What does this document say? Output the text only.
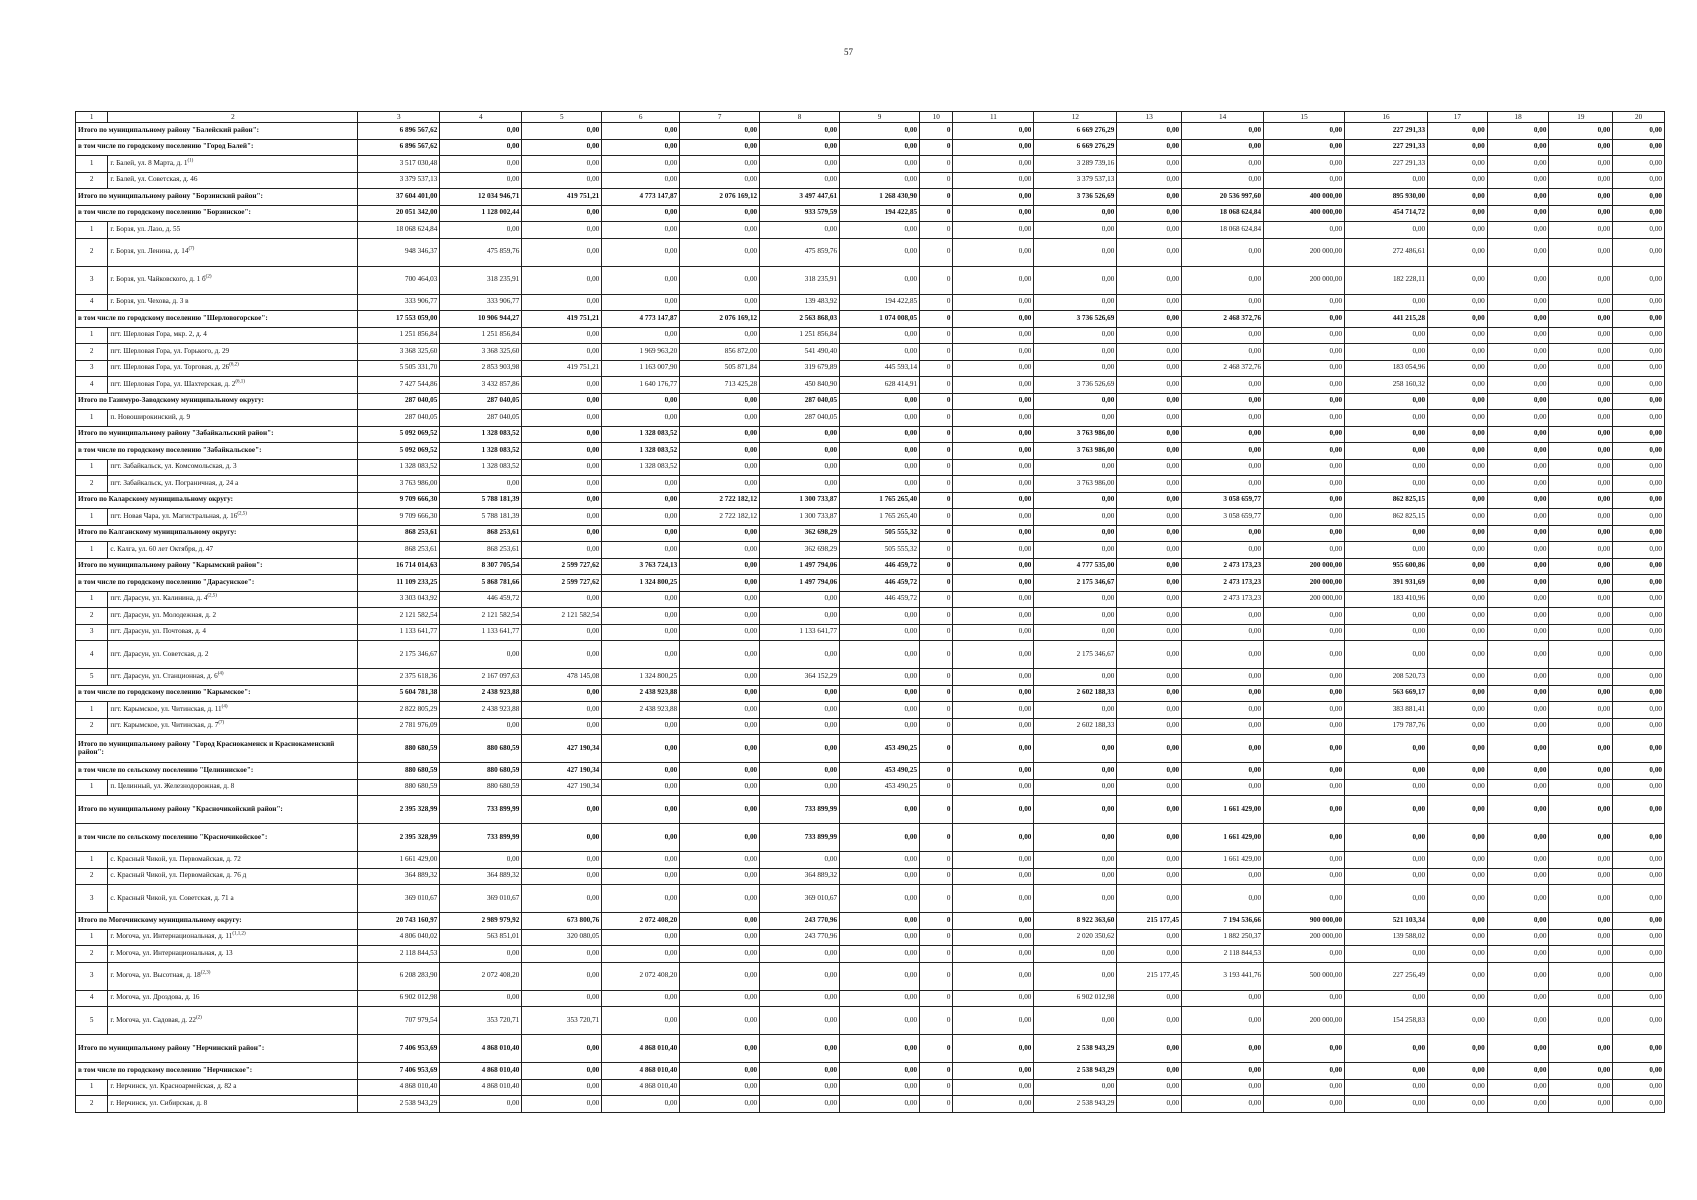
57
1	2	3	4	5	6	7	8	9	10	11	12	13	14	15	16	17	18	19	20
Итого по муниципальному району "Балейский район":		6 896 567,62	0,00	0,00	0,00	0,00	0,00	0,00	0	0,00	6 669 276,29	0,00	0,00	0,00	227 291,33	0,00	0,00	0,00	0,00
в том числе по городскому поселению "Город Балей":		6 896 567,62	0,00	0,00	0,00	0,00	0,00	0,00	0	0,00	6 669 276,29	0,00	0,00	0,00	227 291,33	0,00	0,00	0,00	0,00
1	г. Балей, ул. 8 Марта, д. 1$^{(1)}$	3 517 030,48	0,00	0,00	0,00	0,00	0,00	0,00	0	0,00	3 289 739,16	0,00	0,00	0,00	227 291,33	0,00	0,00	0,00	0,00
2	г. Балей, ул. Советская, д. 46	3 379 537,13	0,00	0,00	0,00	0,00	0,00	0,00	0	0,00	3 379 537,13	0,00	0,00	0,00	0,00	0,00	0,00	0,00	0,00
Итого по муниципальному району "Борзинский район":		37 604 401,00	12 034 946,71	419 751,21	4 773 147,87	2 076 169,12	3 497 447,61	1 268 430,90	0	0,00	3 736 526,69	0,00	20 536 997,60	400 000,00	895 930,00	0,00	0,00	0,00	0,00
в том числе по городскому поселению "Борзинское":		20 051 342,00	1 128 002,44	0,00	0,00	0,00	933 579,59	194 422,85	0	0,00	0,00	0,00	18 068 624,84	400 000,00	454 714,72	0,00	0,00	0,00	0,00
1	г. Борзя, ул. Лазо, д. 55	18 068 624,84	0,00	0,00	0,00	0,00	0,00	0,00	0	0,00	0,00	0,00	18 068 624,84	0,00	0,00	0,00	0,00	0,00	0,00
2	г. Борзя, ул. Ленина, д. 14$^{(7)}$	948 346,37	475 859,76	0,00	0,00	0,00	475 859,76	0,00	0	0,00	0,00	0,00	0,00	200 000,00	272 486,61	0,00	0,00	0,00	0,00
3	г. Борзя, ул. Чайковского, д. 1 $б^{(2)}$	700 464,03	318 235,91	0,00	0,00	0,00	318 235,91	0,00	0	0,00	0,00	0,00	0,00	200 000,00	182 228,11	0,00	0,00	0,00	0,00
4	г. Борзя, ул. Чехова, д. 3 в	333 906,77	333 906,77	0,00	0,00	0,00	139 483,92	194 422,85	0	0,00	0,00	0,00	0,00	0,00	0,00	0,00	0,00	0,00	0,00
в том числе по городскому поселению "Шерловогорское":		17 553 059,00	10 906 944,27	419 751,21	4 773 147,87	2 076 169,12	2 563 868,03	1 074 008,05	0	0,00	3 736 526,69	0,00	2 468 372,76	0,00	441 215,28	0,00	0,00	0,00	0,00
1	пгт. Шерловая Гора, мкр. 2, д. 4	1 251 856,84	1 251 856,84	0,00	0,00	0,00	1 251 856,84	0,00	0	0,00	0,00	0,00	0,00	0,00	0,00	0,00	0,00	0,00	0,00
2	пгт. Шерловая Гора, ул. Горького, д. 29	3 368 325,60	3 368 325,60	0,00	1 969 963,20	856 872,00	541 490,40	0,00	0	0,00	0,00	0,00	0,00	0,00	0,00	0,00	0,00	0,00	0,00
3	пгт. Шерловая Гора, ул. Торговая, д. 26$^{(6,2)}$	5 505 331,70	2 853 903,98	419 751,21	1 163 007,90	505 871,84	319 679,89	445 593,14	0	0,00	0,00	0,00	2 468 372,76	0,00	183 054,96	0,00	0,00	0,00	0,00
4	пгт. Шерловая Гора, ул. Шахтерская, д. 2$^{(6,1)}$	7 427 544,86	3 432 857,86	0,00	1 640 176,77	713 425,28	450 840,90	628 414,91	0	0,00	3 736 526,69	0,00	0,00	0,00	258 160,32	0,00	0,00	0,00	0,00
Итого по Газимуро-Заводскому муниципальному округу:		287 040,05	287 040,05	0,00	0,00	0,00	287 040,05	0,00	0	0,00	0,00	0,00	0,00	0,00	0,00	0,00	0,00	0,00	0,00
1	п. Новоширокинский, д. 9	287 040,05	287 040,05	0,00	0,00	0,00	287 040,05	0,00	0	0,00	0,00	0,00	0,00	0,00	0,00	0,00	0,00	0,00	0,00
Итого по муниципальному району "Забайкальский район":		5 092 069,52	1 328 083,52	0,00	1 328 083,52	0,00	0,00	0,00	0	0,00	3 763 986,00	0,00	0,00	0,00	0,00	0,00	0,00	0,00	0,00
в том числе по городскому поселению "Забайкальское":		5 092 069,52	1 328 083,52	0,00	1 328 083,52	0,00	0,00	0,00	0	0,00	3 763 986,00	0,00	0,00	0,00	0,00	0,00	0,00	0,00	0,00
1	пгт. Забайкальск, ул. Комсомольская, д. 3	1 328 083,52	1 328 083,52	0,00	1 328 083,52	0,00	0,00	0,00	0	0,00	0,00	0,00	0,00	0,00	0,00	0,00	0,00	0,00	0,00
2	пгт. Забайкальск, ул. Пограничная, д. 24 а	3 763 986,00	0,00	0,00	0,00	0,00	0,00	0,00	0	0,00	3 763 986,00	0,00	0,00	0,00	0,00	0,00	0,00	0,00	0,00
Итого по Каларскому муниципальному округу:		9 709 666,30	5 788 181,39	0,00	0,00	2 722 182,12	1 300 733,87	1 765 265,40	0	0,00	0,00	0,00	3 058 659,77	0,00	862 825,15	0,00	0,00	0,00	0,00
1	пгт. Новая Чара, ул. Магистральная, д. 16$^{(2,5)}$	9 709 666,30	5 788 181,39	0,00	0,00	2 722 182,12	1 300 733,87	1 765 265,40	0	0,00	0,00	0,00	3 058 659,77	0,00	862 825,15	0,00	0,00	0,00	0,00
Итого по Калганскому муниципальному округу:		868 253,61	868 253,61	0,00	0,00	0,00	362 698,29	505 555,32	0	0,00	0,00	0,00	0,00	0,00	0,00	0,00	0,00	0,00	0,00
1	с. Калга, ул. 60 лет Октября, д. 47	868 253,61	868 253,61	0,00	0,00	0,00	362 698,29	505 555,32	0	0,00	0,00	0,00	0,00	0,00	0,00	0,00	0,00	0,00	0,00
Итого по муниципальному району "Карымский район":		16 714 014,63	8 307 705,54	2 599 727,62	3 763 724,13	0,00	1 497 794,06	446 459,72	0	0,00	4 777 535,00	0,00	2 473 173,23	200 000,00	955 600,86	0,00	0,00	0,00	0,00
в том числе по городскому поселению "Дарасунское":		11 109 233,25	5 868 781,66	2 599 727,62	1 324 800,25	0,00	1 497 794,06	446 459,72	0	0,00	2 175 346,67	0,00	2 473 173,23	200 000,00	391 931,69	0,00	0,00	0,00	0,00
1	пгт. Дарасун, ул. Калинина, д. 4$^{(2,5)}$	3 303 043,92	446 459,72	0,00	0,00	0,00	0,00	446 459,72	0	0,00	0,00	0,00	2 473 173,23	200 000,00	183 410,96	0,00	0,00	0,00	0,00
2	пгт. Дарасун, ул. Молодежная, д. 2	2 121 582,54	2 121 582,54	2 121 582,54	0,00	0,00	0,00	0,00	0	0,00	0,00	0,00	0,00	0,00	0,00	0,00	0,00	0,00	0,00
3	пгт. Дарасун, ул. Почтовая, д. 4	1 133 641,77	1 133 641,77	0,00	0,00	0,00	1 133 641,77	0,00	0	0,00	0,00	0,00	0,00	0,00	0,00	0,00	0,00	0,00	0,00
4	пгт. Дарасун, ул. Советская, д. 2	2 175 346,67	0,00	0,00	0,00	0,00	0,00	0,00	0	0,00	2 175 346,67	0,00	0,00	0,00	0,00	0,00	0,00	0,00	0,00
5	пгт. Дарасун, ул. Станционная, д. 6$^{(4)}$	2 375 618,36	2 167 097,63	478 145,08	1 324 800,25	0,00	364 152,29	0,00	0	0,00	0,00	0,00	0,00	0,00	208 520,73	0,00	0,00	0,00	0,00
в том числе по городскому поселению "Карымское":		5 604 781,38	2 438 923,88	0,00	2 438 923,88	0,00	0,00	0,00	0	0,00	2 602 188,33	0,00	0,00	0,00	563 669,17	0,00	0,00	0,00	0,00
1	пгт. Карымское, ул. Читинская, д. 11$^{(4)}$	2 822 805,29	2 438 923,88	0,00	2 438 923,88	0,00	0,00	0,00	0	0,00	0,00	0,00	0,00	0,00	383 881,41	0,00	0,00	0,00	0,00
2	пгт. Карымское, ул. Читинская, д. 7$^{(7)}$	2 781 976,09	0,00	0,00	0,00	0,00	0,00	0,00	0	0,00	2 602 188,33	0,00	0,00	0,00	179 787,76	0,00	0,00	0,00	0,00
Итого по муниципальному району "Город Краснокаменск и Краснокаменский район":		880 680,59	880 680,59	427 190,34	0,00	0,00	0,00	453 490,25	0	0,00	0,00	0,00	0,00	0,00	0,00	0,00	0,00	0,00	0,00
в том числе по сельскому поселению "Целинниское":		880 680,59	880 680,59	427 190,34	0,00	0,00	0,00	453 490,25	0	0,00	0,00	0,00	0,00	0,00	0,00	0,00	0,00	0,00	0,00
1	п. Целинный, ул. Железнодорожная, д. 8	880 680,59	880 680,59	427 190,34	0,00	0,00	0,00	453 490,25	0	0,00	0,00	0,00	0,00	0,00	0,00	0,00	0,00	0,00	0,00
Итого по муниципальному району "Красночикойский район":		2 395 328,99	733 899,99	0,00	0,00	0,00	733 899,99	0,00	0	0,00	0,00	0,00	1 661 429,00	0,00	0,00	0,00	0,00	0,00	0,00
в том числе по сельскому поселению "Красночикойское":		2 395 328,99	733 899,99	0,00	0,00	0,00	733 899,99	0,00	0	0,00	0,00	0,00	1 661 429,00	0,00	0,00	0,00	0,00	0,00	0,00
1	с. Красный Чикой, ул. Первомайская, д. 72	1 661 429,00	0,00	0,00	0,00	0,00	0,00	0,00	0	0,00	0,00	0,00	1 661 429,00	0,00	0,00	0,00	0,00	0,00	0,00
2	с. Красный Чикой, ул. Первомайская, д. 76 д	364 889,32	364 889,32	0,00	0,00	0,00	364 889,32	0,00	0	0,00	0,00	0,00	0,00	0,00	0,00	0,00	0,00	0,00	0,00
3	с. Красный Чикой, ул. Советская, д. 71 а	369 010,67	369 010,67	0,00	0,00	0,00	369 010,67	0,00	0	0,00	0,00	0,00	0,00	0,00	0,00	0,00	0,00	0,00	0,00
Итого по Могочинскому муниципальному округу:		20 743 160,97	2 989 979,92	673 800,76	2 072 408,20	0,00	243 770,96	0,00	0	0,00	8 922 363,60	215 177,45	7 194 536,66	900 000,00	521 103,34	0,00	0,00	0,00	0,00
1	г. Могоча, ул. Интернациональная, д. 11$^{(1,1,2)}$	4 806 040,02	563 851,01	320 080,05	0,00	0,00	243 770,96	0,00	0	0,00	2 020 350,62	0,00	1 882 250,37	200 000,00	139 588,02	0,00	0,00	0,00	0,00
2	г. Могоча, ул. Интернациональная, д. 13	2 118 844,53	0,00	0,00	0,00	0,00	0,00	0,00	0	0,00	0,00	0,00	2 118 844,53	0,00	0,00	0,00	0,00	0,00	0,00
3	г. Могоча, ул. Высотная, д. 18$^{(2,3)}$	6 208 283,90	2 072 408,20	0,00	2 072 408,20	0,00	0,00	0,00	0	0,00	0,00	215 177,45	3 193 441,76	500 000,00	227 256,49	0,00	0,00	0,00	0,00
4	г. Могоча, ул. Дроздова, д. 16	6 902 012,98	0,00	0,00	0,00	0,00	0,00	0,00	0	0,00	6 902 012,98	0,00	0,00	0,00	0,00	0,00	0,00	0,00	0,00
5	г. Могоча, ул. Садовая, д. 22$^{(2)}$	707 979,54	353 720,71	353 720,71	0,00	0,00	0,00	0,00	0	0,00	0,00	0,00	0,00	200 000,00	154 258,83	0,00	0,00	0,00	0,00
Итого по муниципальному району "Нерчинский район":		7 406 953,69	4 868 010,40	0,00	4 868 010,40	0,00	0,00	0,00	0	0,00	2 538 943,29	0,00	0,00	0,00	0,00	0,00	0,00	0,00	0,00
в том числе по городскому поселению "Нерчинское":		7 406 953,69	4 868 010,40	0,00	4 868 010,40	0,00	0,00	0,00	0	0,00	2 538 943,29	0,00	0,00	0,00	0,00	0,00	0,00	0,00	0,00
1	г. Нерчинск, ул. Красноармейская, д. 82 а	4 868 010,40	4 868 010,40	0,00	4 868 010,40	0,00	0,00	0,00	0	0,00	0,00	0,00	0,00	0,00	0,00	0,00	0,00	0,00	0,00
2	г. Нерчинск, ул. Сибирская, д. 8	2 538 943,29	0,00	0,00	0,00	0,00	0,00	0,00	0	0,00	2 538 943,29	0,00	0,00	0,00	0,00	0,00	0,00	0,00	0,00
